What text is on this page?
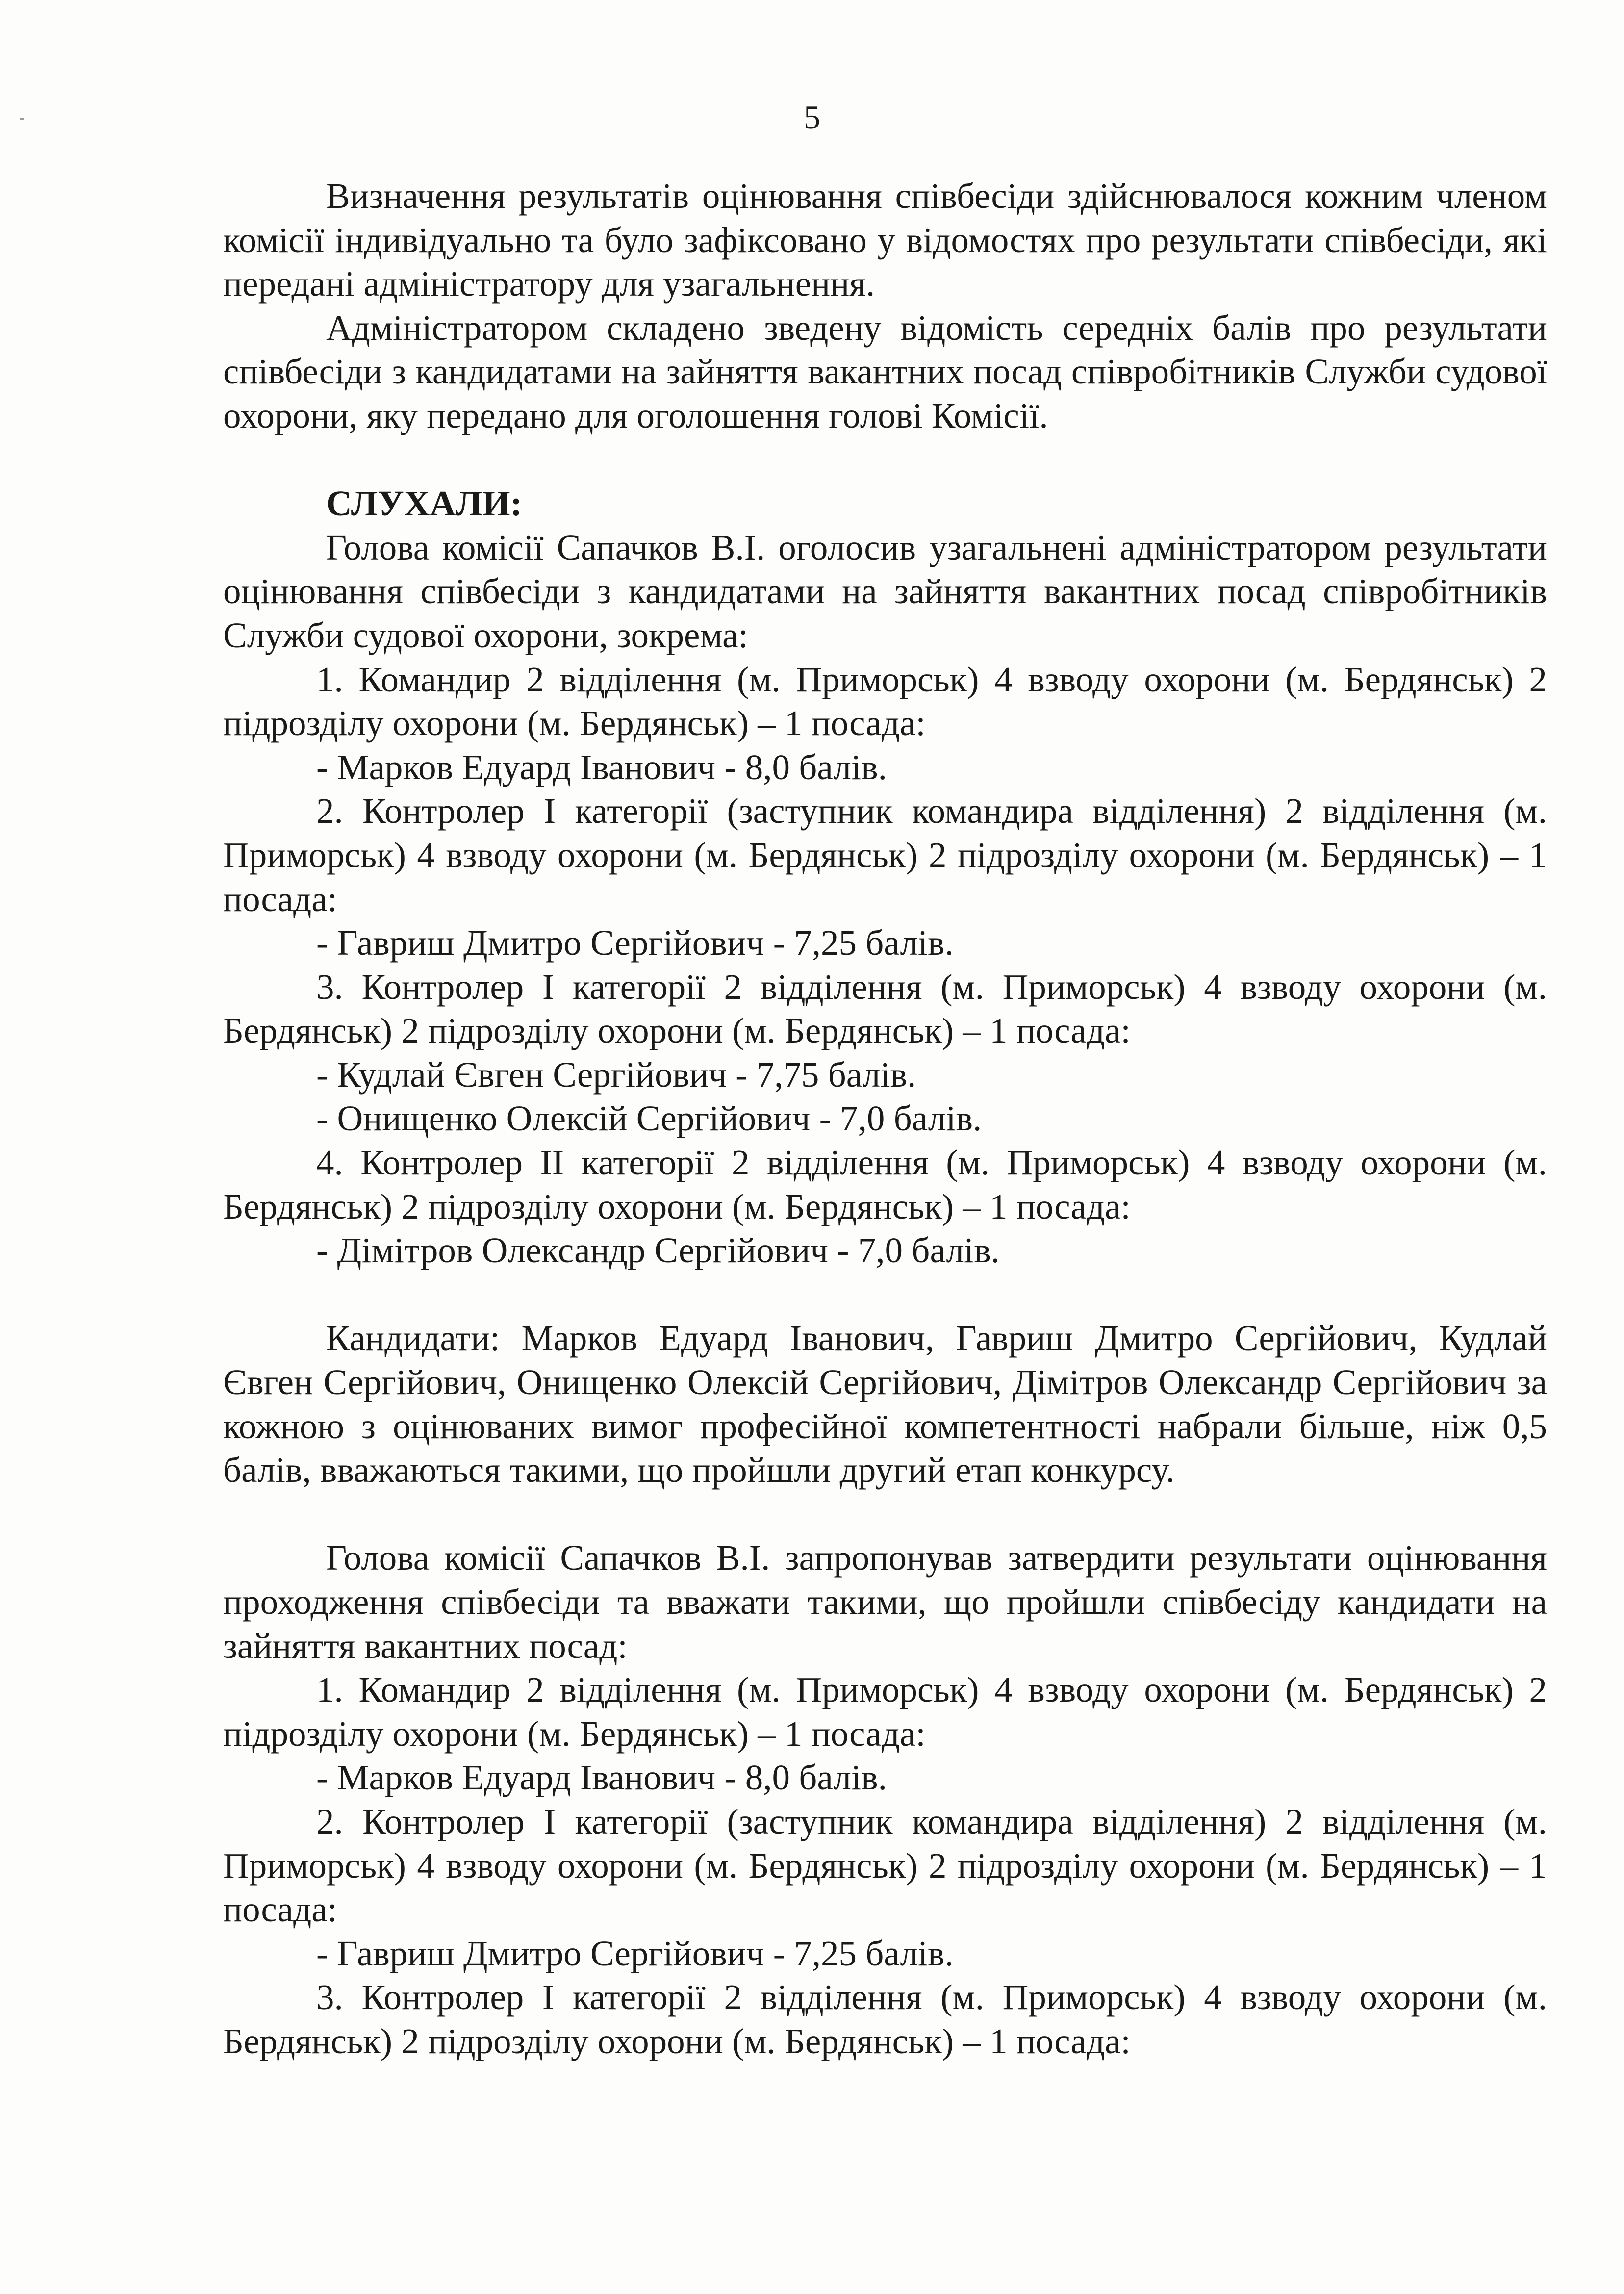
5

Визначення результатів оцінювання співбесіди здійснювалося кожним членом комісії індивідуально та було зафіксовано у відомостях про результати співбесіди, які передані адміністратору для узагальнення.

Адміністратором складено зведену відомість середніх балів про результати співбесіди з кандидатами на зайняття вакантних посад співробітників Служби судової охорони, яку передано для оголошення голові Комісії.

СЛУХАЛИ:

Голова комісії Сапачков В.І. оголосив узагальнені адміністратором результати оцінювання співбесіди з кандидатами на зайняття вакантних посад співробітників Служби судової охорони, зокрема:

1. Командир 2 відділення (м. Приморськ) 4 взводу охорони (м. Бердянськ) 2 підрозділу охорони (м. Бердянськ) – 1 посада:

- Марков Едуард Іванович - 8,0 балів.

2. Контролер І категорії (заступник командира відділення) 2 відділення (м. Приморськ) 4 взводу охорони (м. Бердянськ) 2 підрозділу охорони (м. Бердянськ) – 1 посада:

- Гавриш Дмитро Сергійович - 7,25 балів.

3. Контролер І категорії 2 відділення (м. Приморськ) 4 взводу охорони (м. Бердянськ) 2 підрозділу охорони (м. Бердянськ) – 1 посада:

- Кудлай Євген Сергійович - 7,75 балів.

- Онищенко Олексій Сергійович - 7,0 балів.

4. Контролер ІІ категорії 2 відділення (м. Приморськ) 4 взводу охорони (м. Бердянськ) 2 підрозділу охорони (м. Бердянськ) – 1 посада:

- Дімітров Олександр Сергійович - 7,0 балів.

Кандидати: Марков Едуард Іванович, Гавриш Дмитро Сергійович, Кудлай Євген Сергійович, Онищенко Олексій Сергійович, Дімітров Олександр Сергійович за кожною з оцінюваних вимог професійної компетентності набрали більше, ніж 0,5 балів, вважаються такими, що пройшли другий етап конкурсу.

Голова комісії Сапачков В.І. запропонував затвердити результати оцінювання проходження співбесіди та вважати такими, що пройшли співбесіду кандидати на зайняття вакантних посад:

1. Командир 2 відділення (м. Приморськ) 4 взводу охорони (м. Бердянськ) 2 підрозділу охорони (м. Бердянськ) – 1 посада:

- Марков Едуард Іванович - 8,0 балів.

2. Контролер І категорії (заступник командира відділення) 2 відділення (м. Приморськ) 4 взводу охорони (м. Бердянськ) 2 підрозділу охорони (м. Бердянськ) – 1 посада:

- Гавриш Дмитро Сергійович - 7,25 балів.

3. Контролер І категорії 2 відділення (м. Приморськ) 4 взводу охорони (м. Бердянськ) 2 підрозділу охорони (м. Бердянськ) – 1 посада:
